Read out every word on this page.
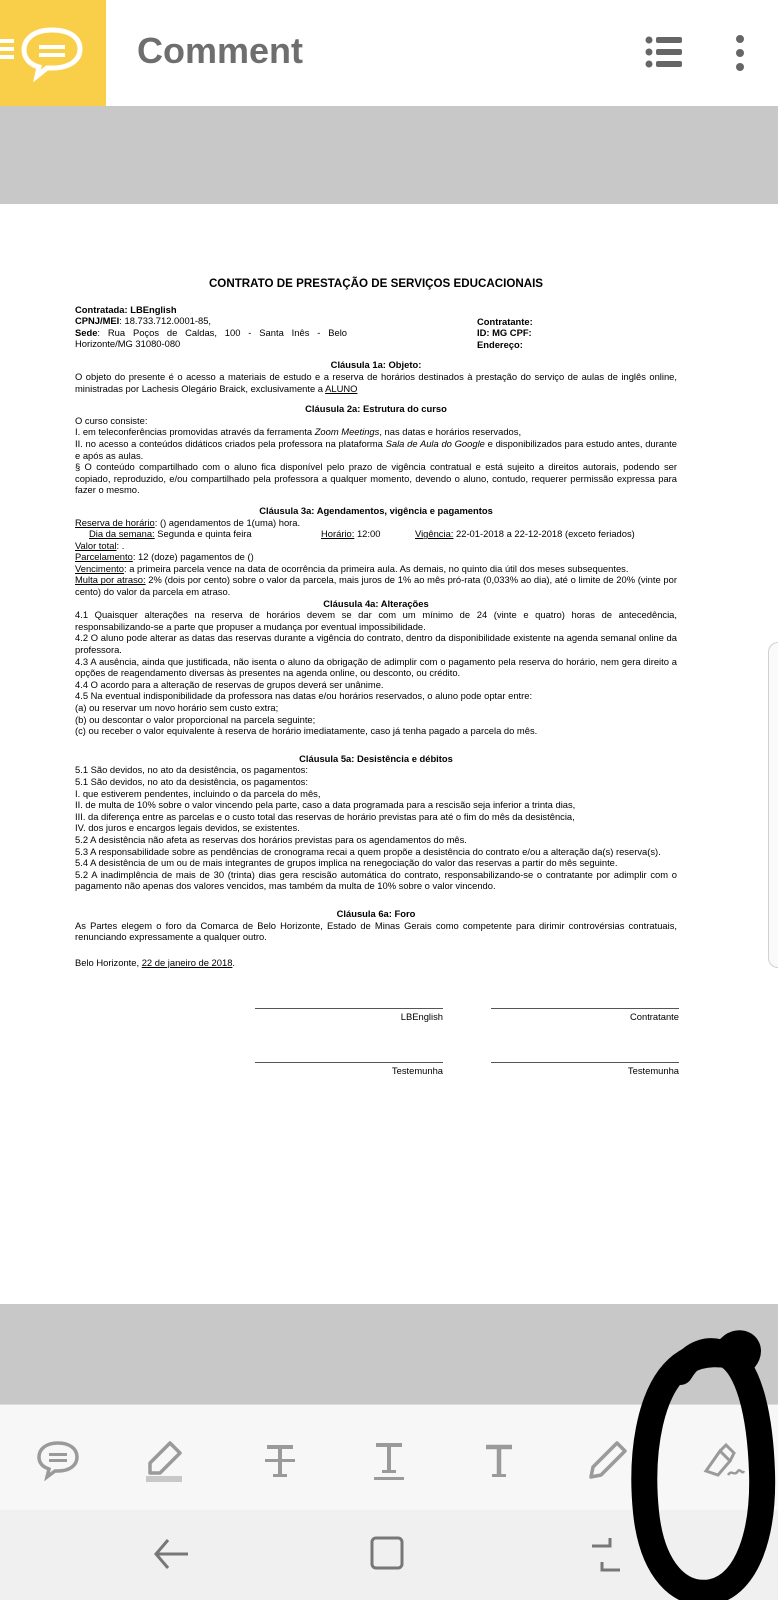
Comment
CONTRATO DE PRESTAÇÃO DE SERVIÇOS EDUCACIONAIS
Contratada: LBEnglish
CPNJ/MEI: 18.733.712.0001-85,
Sede: Rua Poços de Caldas, 100 - Santa Inês - Belo Horizonte/MG 31080-080
Contratante:
ID: MG CPF:
Endereço:
Cláusula 1a: Objeto:
O objeto do presente é o acesso a materiais de estudo e a reserva de horários destinados à prestação do serviço de aulas de inglês online, ministradas por Lachesis Olegário Braick, exclusivamente a ALUNO
Cláusula 2a: Estrutura do curso
O curso consiste:
I. em teleconferências promovidas através da ferramenta Zoom Meetings, nas datas e horários reservados,
II. no acesso a conteúdos didáticos criados pela professora na plataforma Sala de Aula do Google e disponibilizados para estudo antes, durante e após as aulas.
§ O conteúdo compartilhado com o aluno fica disponível pelo prazo de vigência contratual e está sujeito a direitos autorais, podendo ser copiado, reproduzido, e/ou compartilhado pela professora a qualquer momento, devendo o aluno, contudo, requerer permissão expressa para fazer o mesmo.
Cláusula 3a: Agendamentos, vigência e pagamentos
Reserva de horário: () agendamentos de 1(uma) hora.
Dia da semana: Segunda e quinta feira	Horário: 12:00	Vigência: 22-01-2018 a 22-12-2018 (exceto feriados)
Valor total: .
Parcelamento: 12 (doze) pagamentos de ()
Vencimento: a primeira parcela vence na data de ocorrência da primeira aula. As demais, no quinto dia útil dos meses subsequentes.
Multa por atraso: 2% (dois por cento) sobre o valor da parcela, mais juros de 1% ao mês pró-rata (0,033% ao dia), até o limite de 20% (vinte por cento) do valor da parcela em atraso.
Cláusula 4a: Alterações
4.1 Quaisquer alterações na reserva de horários devem se dar com um mínimo de 24 (vinte e quatro) horas de antecedência, responsabilizando-se a parte que propuser a mudança por eventual impossibilidade.
4.2 O aluno pode alterar as datas das reservas durante a vigência do contrato, dentro da disponibilidade existente na agenda semanal online da professora.
4.3 A ausência, ainda que justificada, não isenta o aluno da obrigação de adimplir com o pagamento pela reserva do horário, nem gera direito a opções de reagendamento diversas às presentes na agenda online, ou desconto, ou crédito.
4.4 O acordo para a alteração de reservas de grupos deverá ser unânime.
4.5 Na eventual indisponibilidade da professora nas datas e/ou horários reservados, o aluno pode optar entre:
(a) ou reservar um novo horário sem custo extra;
(b) ou descontar o valor proporcional na parcela seguinte;
(c) ou receber o valor equivalente à reserva de horário imediatamente, caso já tenha pagado a parcela do mês.
Cláusula 5a: Desistência e débitos
5.1 São devidos, no ato da desistência, os pagamentos:
5.1 São devidos, no ato da desistência, os pagamentos:
I. que estiverem pendentes, incluindo o da parcela do mês,
II. de multa de 10% sobre o valor vincendo pela parte, caso a data programada para a rescisão seja inferior a trinta dias,
III. da diferença entre as parcelas e o custo total das reservas de horário previstas para até o fim do mês da desistência,
IV. dos juros e encargos legais devidos, se existentes.
5.2 A desistência não afeta as reservas dos horários previstas para os agendamentos do mês.
5.3 A responsabilidade sobre as pendências de cronograma recai a quem propõe a desistência do contrato e/ou a alteração da(s) reserva(s).
5.4 A desistência de um ou de mais integrantes de grupos implica na renegociação do valor das reservas a partir do mês seguinte.
5.2 A inadimplência de mais de 30 (trinta) dias gera rescisão automática do contrato, responsabilizando-se o contratante por adimplir com o pagamento não apenas dos valores vencidos, mas também da multa de 10% sobre o valor vincendo.
Cláusula 6a: Foro
As Partes elegem o foro da Comarca de Belo Horizonte, Estado de Minas Gerais como competente para dirimir controvérsias contratuais, renunciando expressamente a qualquer outro.
Belo Horizonte, 22 de janeiro de 2018.
LBEnglish	Contratante
Testemunha	Testemunha
